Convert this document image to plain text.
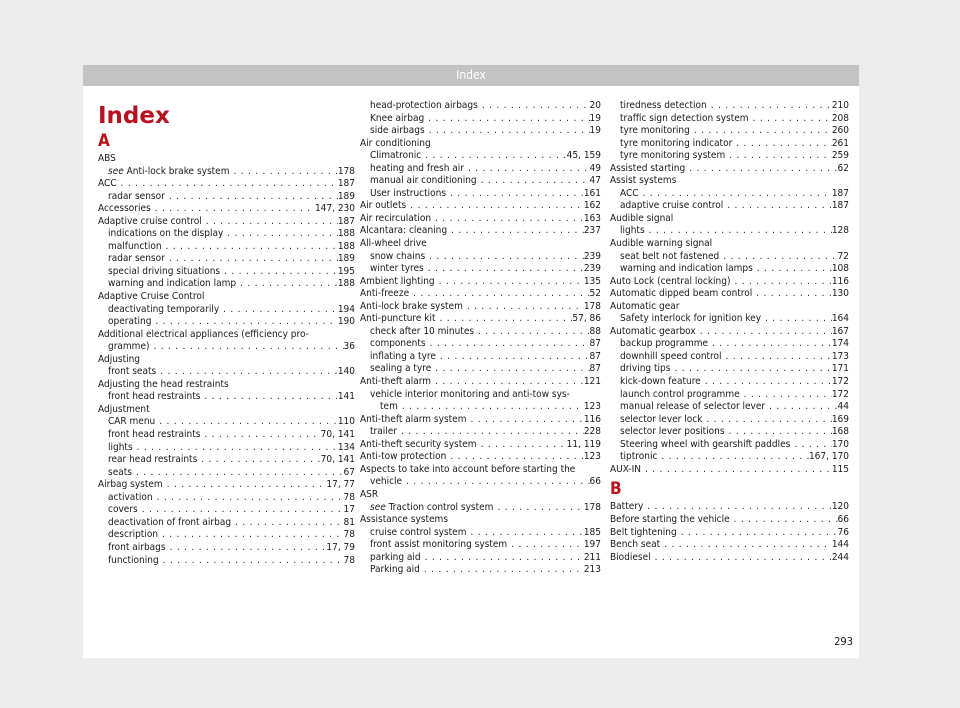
Index
Index
A
ABS
see Anti-lock brake system . . .	178
ACC . . .	187
radar sensor . . .	189
Accessories . . .	147, 230
Adaptive cruise control . . .	187
indications on the display . . .	188
malfunction . . .	188
radar sensor . . .	189
special driving situations . . .	195
warning and indication lamp . . .	188
Adaptive Cruise Control
deactivating temporarily . . .	194
operating . . .	190
Additional electrical appliances (efficiency pro-
gramme) . . .	36
Adjusting
front seats . . .	140
Adjusting the head restraints
front head restraints . . .	141
Adjustment
CAR menu . . .	110
front head restraints . . .	70, 141
lights . . .	134
rear head restraints . . .	70, 141
seats . . .	67
Airbag system . . .	17, 77
activation . . .	78
covers . . .	17
deactivation of front airbag . . .	81
description . . .	78
front airbags . . .	17, 79
functioning . . .	78
head-protection airbags . . .	20
Knee airbag . . .	19
side airbags . . .	19
Air conditioning
Climatronic . . .	45, 159
heating and fresh air . . .	49
manual air conditioning . . .	47
User instructions . . .	161
Air outlets . . .	162
Air recirculation . . .	163
Alcantara: cleaning . . .	237
All-wheel drive
snow chains . . .	239
winter tyres . . .	239
Ambient lighting . . .	135
Anti-freeze . . .	52
Anti-lock brake system . . .	178
Anti-puncture kit . . .	57, 86
check after 10 minutes . . .	88
components . . .	87
inflating a tyre . . .	87
sealing a tyre . . .	87
Anti-theft alarm . . .	121
vehicle interior monitoring and anti-tow sys-
tem . . .	123
Anti-theft alarm system . . .	116
trailer . . .	228
Anti-theft security system . . .	11, 119
Anti-tow protection . . .	123
Aspects to take into account before starting the
vehicle . . .	66
ASR
see Traction control system . . .	178
Assistance systems
cruise control system . . .	185
front assist monitoring system . . .	197
parking aid . . .	211
Parking aid . . .	213
tiredness detection . . .	210
traffic sign detection system . . .	208
tyre monitoring . . .	260
tyre monitoring indicator . . .	261
tyre monitoring system . . .	259
Assisted starting . . .	62
Assist systems
ACC . . .	187
adaptive cruise control . . .	187
Audible signal
lights . . .	128
Audible warning signal
seat belt not fastened . . .	72
warning and indication lamps . . .	108
Auto Lock (central locking) . . .	116
Automatic dipped beam control . . .	130
Automatic gear
Safety interlock for ignition key . . .	164
Automatic gearbox . . .	167
backup programme . . .	174
downhill speed control . . .	173
driving tips . . .	171
kick-down feature . . .	172
launch control programme . . .	172
manual release of selector lever . . .	44
selector lever lock . . .	169
selector lever positions . . .	168
Steering wheel with gearshift paddles . . .	170
tiptronic . . .	167, 170
AUX-IN . . .	115
B
Battery . . .	120
Before starting the vehicle . . .	66
Belt tightening . . .	76
Bench seat . . .	144
Biodiesel . . .	244
293
